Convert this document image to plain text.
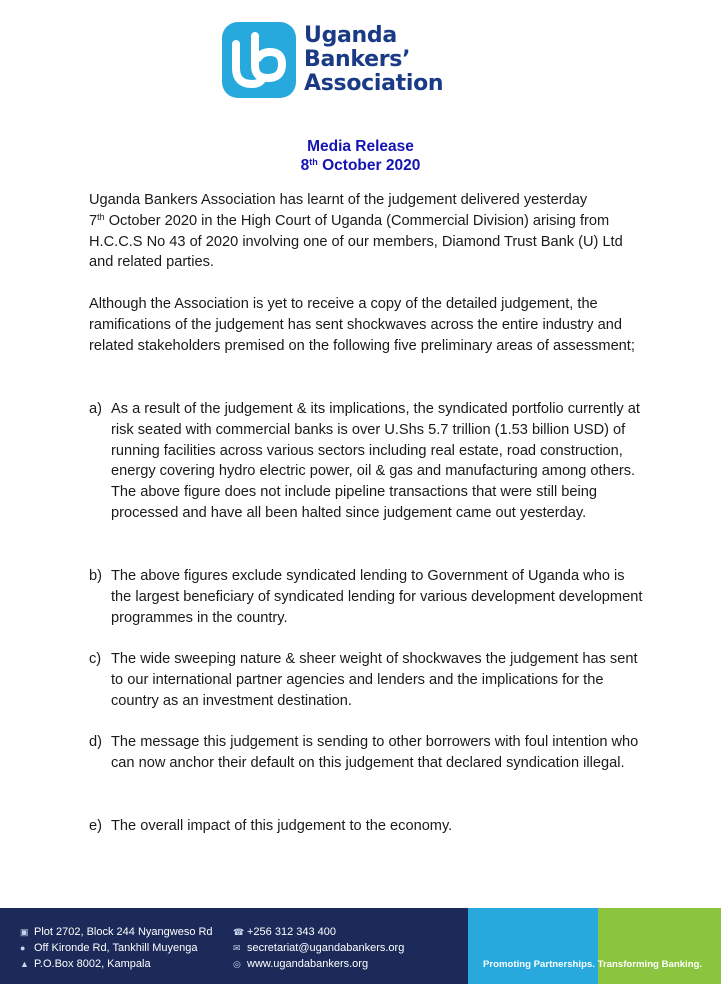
Uganda
Bankers’
Association
Media Release
8th October 2020

Uganda Bankers Association has learnt of the judgement delivered yesterday
7th October 2020 in the High Court of Uganda (Commercial Division) arising from H.C.C.S No 43 of 2020 involving one of our members, Diamond Trust Bank (U) Ltd and related parties.

Although the Association is yet to receive a copy of the detailed judgement, the ramifications of the judgement has sent shockwaves across the entire industry and related stakeholders premised on the following five preliminary areas of assessment;

a) As a result of the judgement & its implications, the syndicated portfolio currently at risk seated with commercial banks is over U.Shs 5.7 trillion (1.53 billion USD) of running facilities across various sectors including real estate, road construction, energy covering hydro electric power, oil & gas and manufacturing among others. The above figure does not include pipeline transactions that were still being processed and have all been halted since judgement came out yesterday.
b) The above figures exclude syndicated lending to Government of Uganda who is the largest beneficiary of syndicated lending for various development development programmes in the country.
c) The wide sweeping nature & sheer weight of shockwaves the judgement has sent to our international partner agencies and lenders and the implications for the country as an investment destination.
d) The message this judgement is sending to other borrowers with foul intention who can now anchor their default on this judgement that declared syndication illegal.
e) The overall impact of this judgement to the economy.
▣ Plot 2702, Block 244 Nyangweso Rd
● Off Kironde Rd, Tankhill Muyenga
▲ P.O.Box 8002, Kampala
☎ +256 312 343 400
✉ secretariat@ugandabankers.org
◎ www.ugandabankers.org	Promoting Partnerships. Transforming Banking.
